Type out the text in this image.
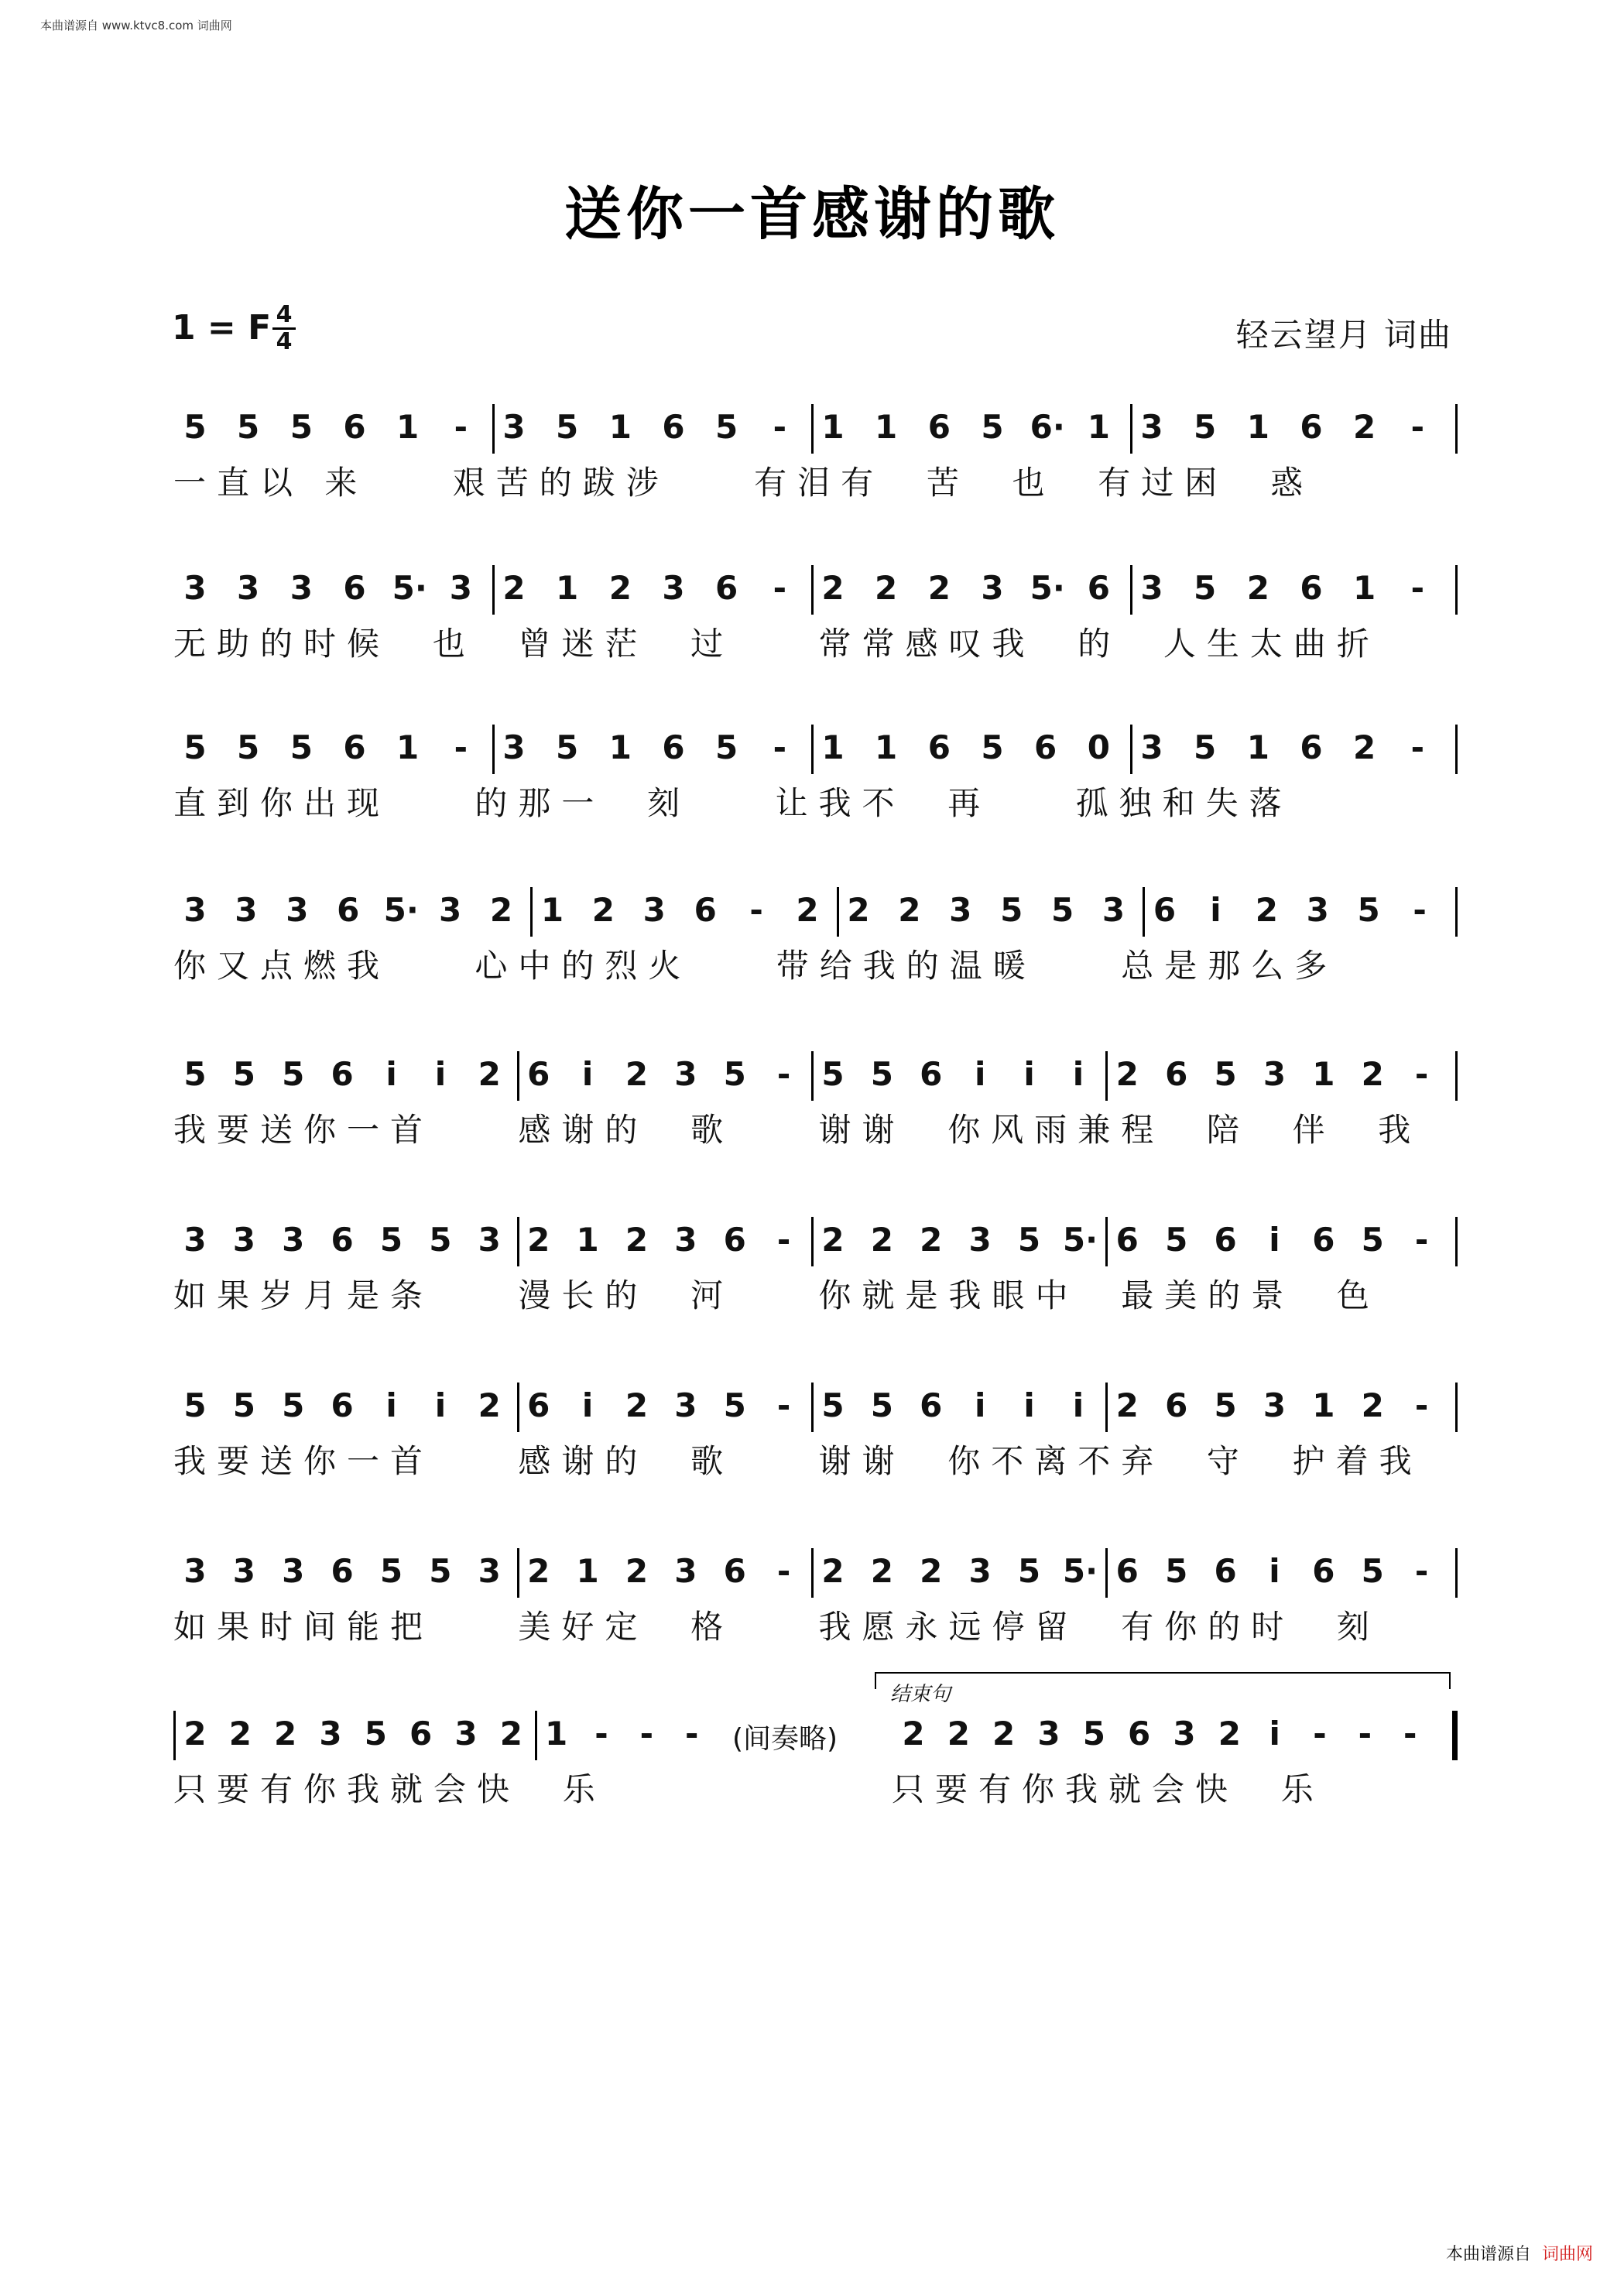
本曲谱源自 www.ktvc8.com 词曲网
送你一首感谢的歌
1 = F 4
4	轻云望月 词曲
5 5 5 6 1 - 3 5 1 6 5 - 1 1 6 5 6· 1 3 5 1 6 2 -
一直以 来    艰苦的跋涉    有泪有  苦  也  有过困  惑
3 3 3 6 5· 3 2 1 2 3 6 - 2 2 2 3 5· 6 3 5 2 6 1 -
无助的时候  也  曾迷茫  过    常常感叹我  的  人生太曲折
5 5 5 6 1 - 3 5 1 6 5 - 1 1 6 5 6 0 3 5 1 6 2 -
直到你出现    的那一  刻    让我不  再    孤独和失落
3 3 3 6 5· 3 2 1 2 3 6 - 2 2 2 3 5 5 3 6	i	2 3 5 -
你又点燃我    心中的烈火    带给我的温暖    总是那么多
5 5 5 6 i	i 2 6 i 2 3 5 - 5 5 6 i	i	i 2 6 5 3 1 2 -
我要送你一首    感谢的  歌    谢谢  你风雨兼程  陪  伴  我
3 3 3 6 5 5 3 2 1 2 3 6 - 2 2 2 3 5 5· 6 5 6 i 6 5 -
如果岁月是条    漫长的  河    你就是我眼中  最美的景  色
5 5 5 6 i	i 2 6 i 2 3 5 - 5 5 6 i	i	i 2 6 5 3 1 2 -
我要送你一首    感谢的  歌    谢谢  你不离不弃  守  护着我
3 3 3 6 5 5 3 2 1 2 3 6 - 2 2 2 3 5 5· 6 5 6 i 6 5 -
如果时间能把    美好定  格    我愿永远停留  有你的时  刻
2 2 2 3 5 6 3 2 1 - - -
只要有你我就会快  乐
2 2 2 3 5 6 3 2 i	- - -
只要有你我就会快  乐
(间奏略)
结束句
本曲谱源自 词曲网
